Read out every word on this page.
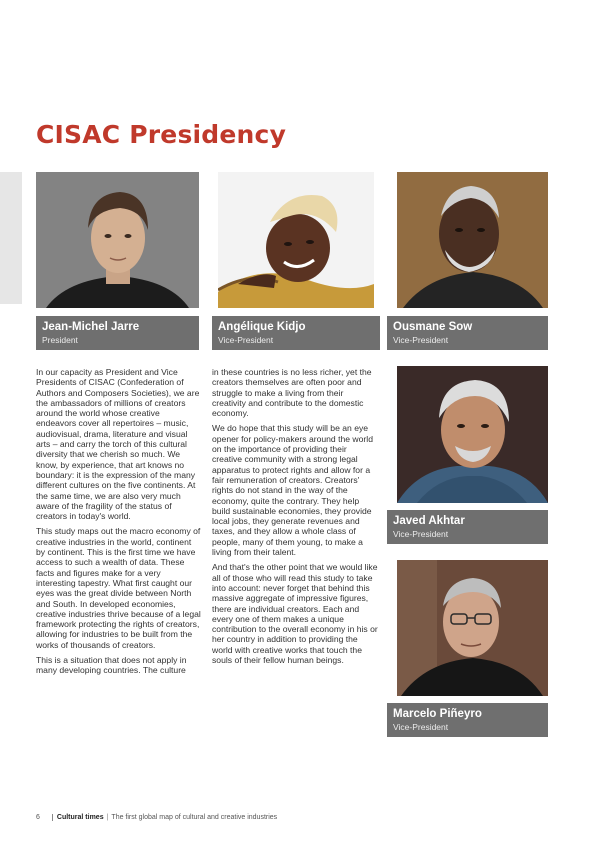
CISAC Presidency
Jean-Michel Jarre
President
Angélique Kidjo
Vice-President
Ousmane Sow
Vice-President
Javed Akhtar
Vice-President
Marcelo Piñeyro
Vice-President

In our capacity as President and Vice Presidents of CISAC (Confederation of Authors and Composers Societies), we are the ambassadors of millions of creators around the world whose creative endeavors cover all repertoires – music, audiovisual, drama, literature and visual arts – and carry the torch of this cultural diversity that we cherish so much. We know, by experience, that art knows no boundary: it is the expression of the many different cultures on the five continents. At the same time, we are also very much aware of the fragility of the status of creators in today's world.

This study maps out the macro economy of creative industries in the world, continent by continent. This is the first time we have access to such a wealth of data. These facts and figures make for a very interesting tapestry. What first caught our eyes was the great divide between North and South. In developed economies, creative industries thrive because of a legal framework protecting the rights of creators, allowing for industries to be built from the works of thousands of creators.

This is a situation that does not apply in many developing countries. The culture

in these countries is no less richer, yet the creators themselves are often poor and struggle to make a living from their creativity and contribute to the domestic economy.

We do hope that this study will be an eye opener for policy-makers around the world on the importance of providing their creative community with a strong legal apparatus to protect rights and allow for a fair remuneration of creators. Creators' rights do not stand in the way of the economy, quite the contrary. They help build sustainable economies, they provide local jobs, they generate revenues and taxes, and they allow a whole class of people, many of them young, to make a living from their talent.

And that's the other point that we would like all of those who will read this study to take into account: never forget that behind this massive aggregate of impressive figures, there are individual creators. Each and every one of them makes a unique contribution to the overall economy in his or her country in addition to providing the world with creative works that touch the souls of their fellow human beings.

6	Cultural times | The first global map of cultural and creative industries
